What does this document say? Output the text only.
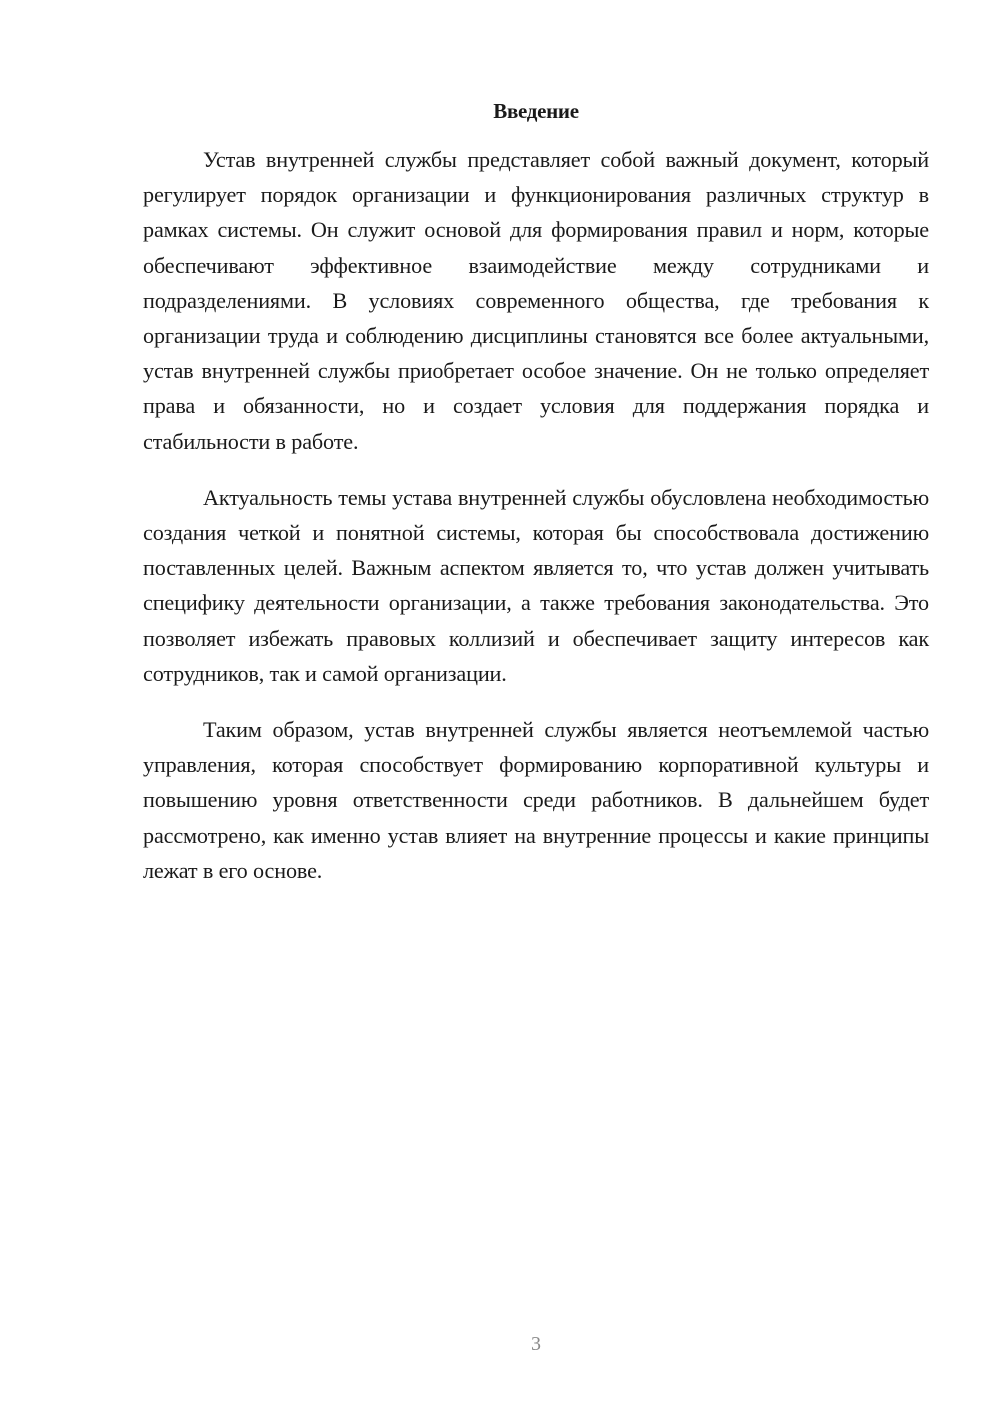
Введение

Устав внутренней службы представляет собой важный документ, который регулирует порядок организации и функционирования различных структур в рамках системы. Он служит основой для формирования правил и норм, которые обеспечивают эффективное взаимодействие между сотрудниками и подразделениями. В условиях современного общества, где требования к организации труда и соблюдению дисциплины становятся все более актуальными, устав внутренней службы приобретает особое значение. Он не только определяет права и обязанности, но и создает условия для поддержания порядка и стабильности в работе.

Актуальность темы устава внутренней службы обусловлена необходимостью создания четкой и понятной системы, которая бы способствовала достижению поставленных целей. Важным аспектом является то, что устав должен учитывать специфику деятельности организации, а также требования законодательства. Это позволяет избежать правовых коллизий и обеспечивает защиту интересов как сотрудников, так и самой организации.

Таким образом, устав внутренней службы является неотъемлемой частью управления, которая способствует формированию корпоративной культуры и повышению уровня ответственности среди работников. В дальнейшем будет рассмотрено, как именно устав влияет на внутренние процессы и какие принципы лежат в его основе.

3
